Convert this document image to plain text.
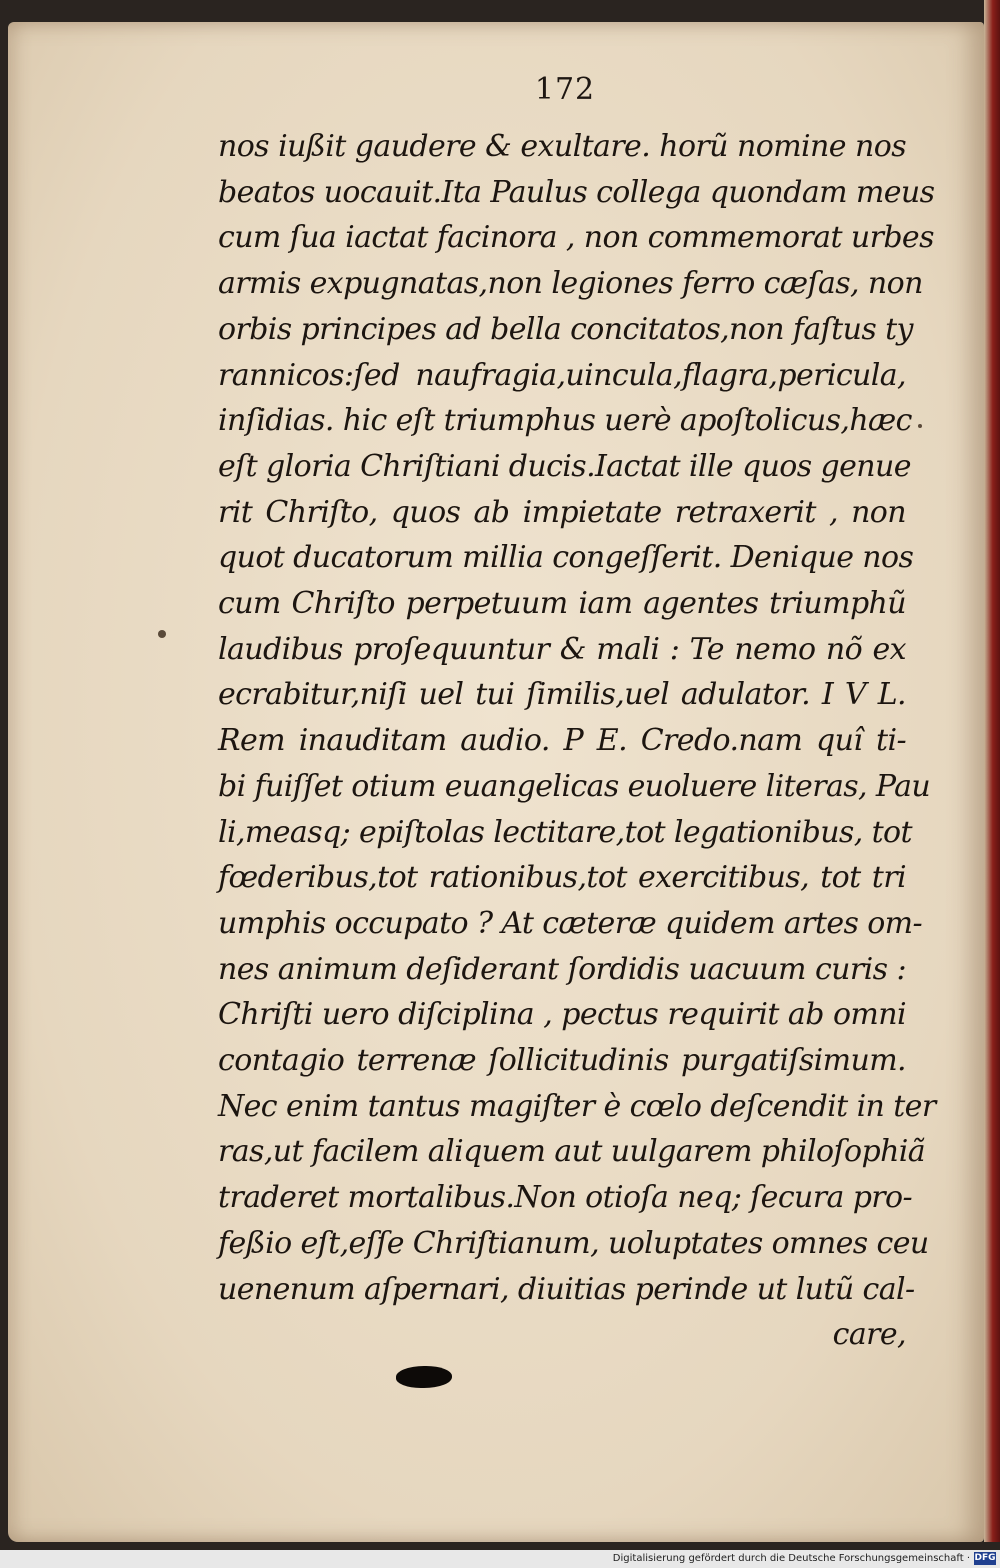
172
nos iußit gaudere & exultare. horũ nomine nos
beatos uocauit.Ita Paulus collega quondam meus
cum ſua iactat facinora , non commemorat urbes
armis expugnatas,non legiones ferro cæſas, non
orbis principes ad bella concitatos,non faſtus ty
rannicos:ſed naufragia,uincula,flagra,pericula,
inſidias. hic eſt triumphus uerè apoſtolicus,hæc
eſt gloria Chriſtiani ducis.Iactat ille quos genue
rit Chriſto, quos ab impietate retraxerit , non
quot ducatorum millia congeſſerit. Denique nos
cum Chriſto perpetuum iam agentes triumphũ
laudibus proſequuntur & mali : Te nemo nõ ex
ecrabitur,niſi uel tui ſimilis,uel adulator. I V L.
Rem inauditam audio. P E. Credo.nam quî ti-
bi fuiſſet otium euangelicas euoluere literas, Pau
li,measq; epiſtolas lectitare,tot legationibus, tot
fœderibus,tot rationibus,tot exercitibus, tot tri
umphis occupato ? At cæteræ quidem artes om-
nes animum deſiderant ſordidis uacuum curis :
Chriſti uero diſciplina , pectus requirit ab omni
contagio terrenæ ſollicitudinis purgatiſsimum.
Nec enim tantus magiſter è cœlo deſcendit in ter
ras,ut facilem aliquem aut uulgarem philoſophiã
traderet mortalibus.Non otioſa neq; ſecura pro-
feßio eſt,eſſe Chriſtianum, uoluptates omnes ceu
uenenum aſpernari, diuitias perinde ut lutũ cal-
care,
Digitalisierung gefördert durch die Deutsche Forschungsgemeinschaft · DFG
